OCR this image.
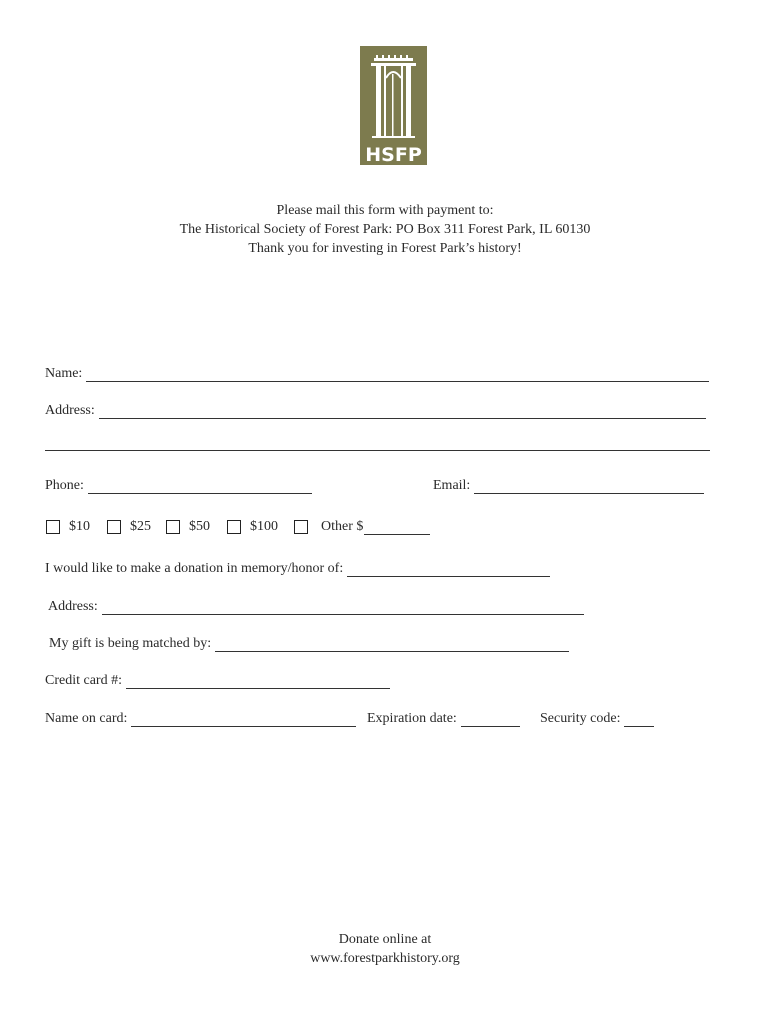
HSFP
Please mail this form with payment to:
The Historical Society of Forest Park: PO Box 311 Forest Park, IL 60130
Thank you for investing in Forest Park’s history!
Name:
Address:
Phone:	Email:
$10	$25	$50	$100	Other $
I would like to make a donation in memory/honor of:
Address:
My gift is being matched by:
Credit card #:
Name on card:	Expiration date:	Security code:
Donate online at
www.forestparkhistory.org
